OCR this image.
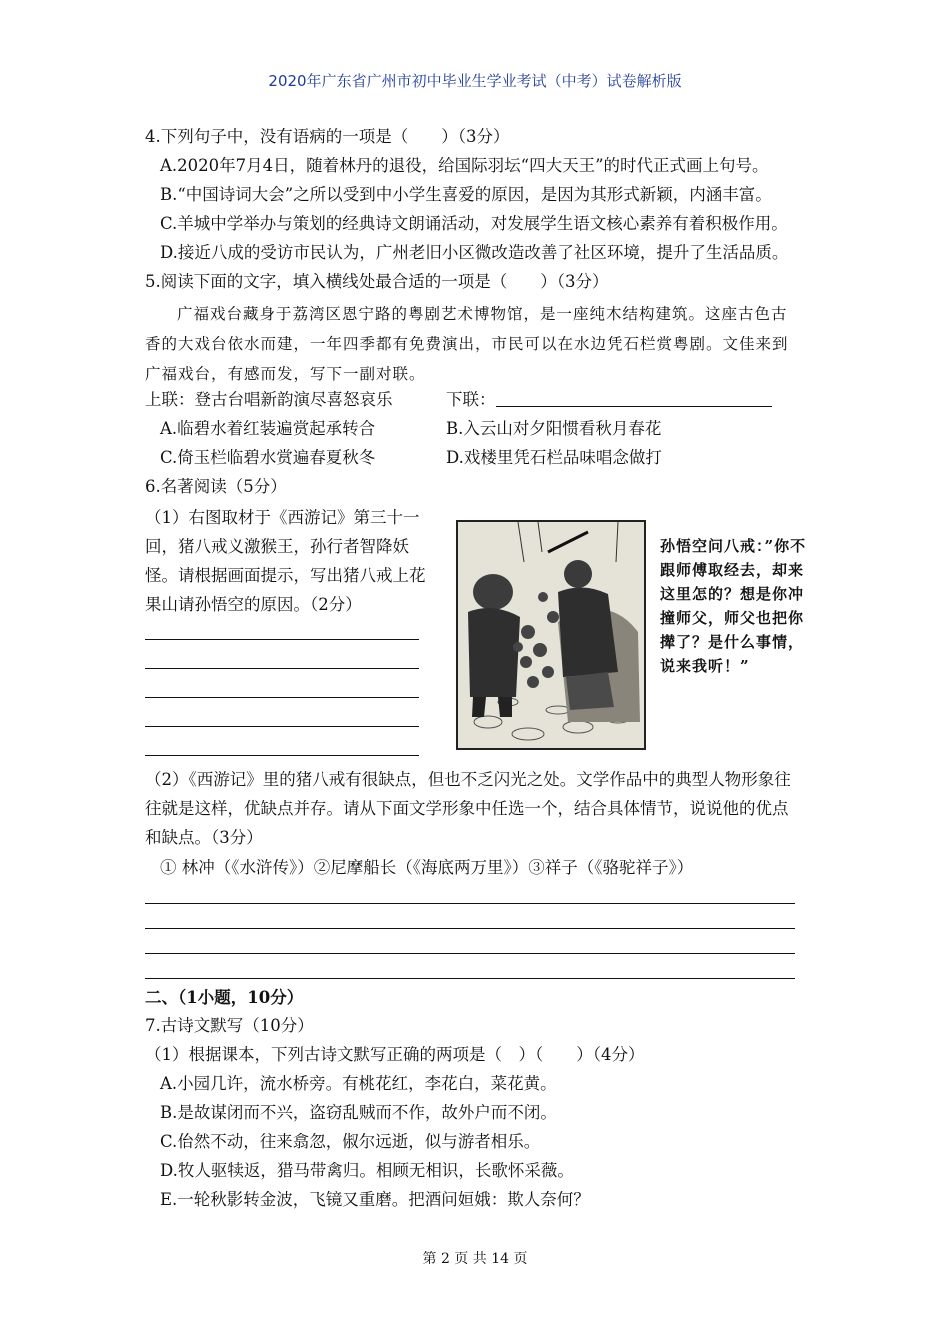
2020年广东省广州市初中毕业生学业考试（中考）试卷解析版
4.下列句子中，没有语病的一项是（　　）（3分）
A.2020年7月4日，随着林丹的退役，给国际羽坛“四大天王”的时代正式画上句号。
B.“中国诗词大会”之所以受到中小学生喜爱的原因，是因为其形式新颖，内涵丰富。
C.羊城中学举办与策划的经典诗文朗诵活动，对发展学生语文核心素养有着积极作用。
D.接近八成的受访市民认为，广州老旧小区微改造改善了社区环境，提升了生活品质。
5.阅读下面的文字，填入横线处最合适的一项是（　　）（3分）
广福戏台藏身于荔湾区恩宁路的粤剧艺术博物馆，是一座纯木结构建筑。这座古色古
香的大戏台依水而建，一年四季都有免费演出，市民可以在水边凭石栏赏粤剧。文佳来到
广福戏台，有感而发，写下一副对联。
上联：登古台唱新韵演尽喜怒哀乐	下联：
A.临碧水着红装遍赏起承转合	B.入云山对夕阳惯看秋月春花
C.倚玉栏临碧水赏遍春夏秋冬	D.戏楼里凭石栏品味唱念做打
6.名著阅读（5分）
（1）右图取材于《西游记》第三十一
回，猪八戒义激猴王，孙行者智降妖
怪。请根据画面提示，写出猪八戒上花
果山请孙悟空的原因。（2分）
孙悟空问八戒：”你不跟师傅取经去，却来这里怎的？想是你冲撞师父，师父也把你撵了？是什么事情，说来我听！”
（2）《西游记》里的猪八戒有很缺点，但也不乏闪光之处。文学作品中的典型人物形象往
往就是这样，优缺点并存。请从下面文学形象中任选一个，结合具体情节，说说他的优点
和缺点。（3分）
① 林冲（《水浒传》）②尼摩船长（《海底两万里》）③祥子（《骆驼祥子》）
二、（1小题，10分）
7.古诗文默写（10分）
（1）根据课本，下列古诗文默写正确的两项是（　）（　　）（4分）
A.小园几许，流水桥旁。有桃花红，李花白，菜花黄。
B.是故谋闭而不兴，盗窃乱贼而不作，故外户而不闭。
C.佁然不动，往来翕忽，俶尔远逝，似与游者相乐。
D.牧人驱犊返，猎马带禽归。相顾无相识，长歌怀采薇。
E.一轮秋影转金波，飞镜又重磨。把酒问姮娥：欺人奈何？
第 2 页 共 14 页
